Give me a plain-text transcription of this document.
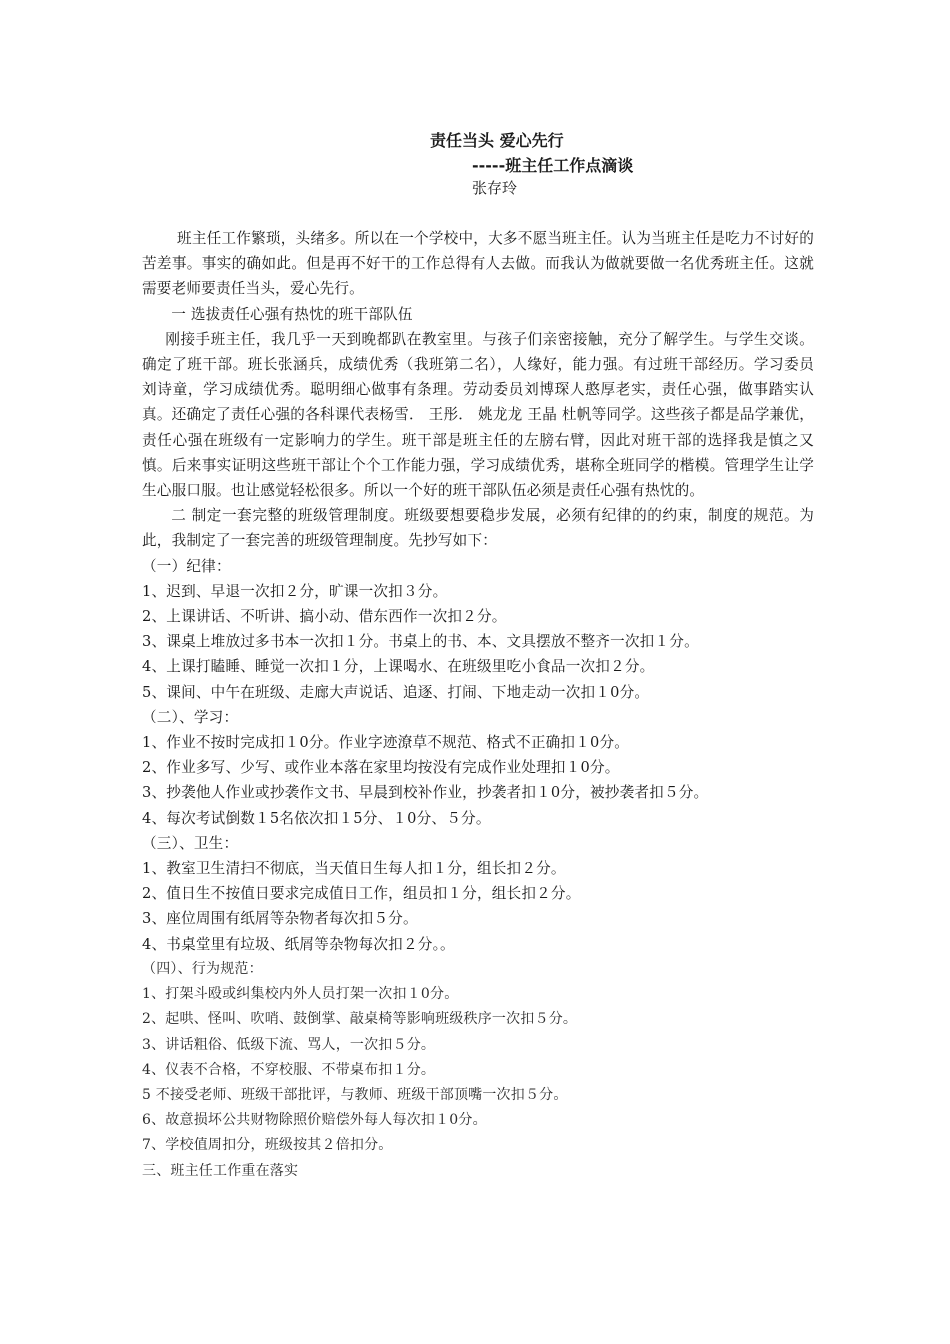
责任当头 爱心先行
-----班主任工作点滴谈
张存玲

班主任工作繁琐，头绪多。所以在一个学校中，大多不愿当班主任。认为当班主任是吃力不讨好的苦差事。事实的确如此。但是再不好干的工作总得有人去做。而我认为做就要做一名优秀班主任。这就需要老师要责任当头，爱心先行。

一 选拔责任心强有热忱的班干部队伍

刚接手班主任，我几乎一天到晚都趴在教室里。与孩子们亲密接触，充分了解学生。与学生交谈。确定了班干部。班长张涵兵，成绩优秀（我班第二名），人缘好，能力强。有过班干部经历。学习委员刘诗童，学习成绩优秀。聪明细心做事有条理。劳动委员刘博琛人憨厚老实，责任心强，做事踏实认真。还确定了责任心强的各科课代表杨雪． 王彤． 姚龙龙 王晶 杜帆等同学。这些孩子都是品学兼优，责任心强在班级有一定影响力的学生。班干部是班主任的左膀右臂，因此对班干部的选择我是慎之又慎。后来事实证明这些班干部让个个工作能力强，学习成绩优秀，堪称全班同学的楷模。管理学生让学生心服口服。也让感觉轻松很多。所以一个好的班干部队伍必须是责任心强有热忱的。

二 制定一套完整的班级管理制度。班级要想要稳步发展，必须有纪律的的约束，制度的规范。为此，我制定了一套完善的班级管理制度。先抄写如下：

（一）纪律：

1、迟到、早退一次扣２分，旷课一次扣３分。

2、上课讲话、不听讲、搞小动、借东西作一次扣２分。

3、课桌上堆放过多书本一次扣１分。书桌上的书、本、文具摆放不整齐一次扣１分。

4、上课打瞌睡、睡觉一次扣１分，上课喝水、在班级里吃小食品一次扣２分。

5、课间、中午在班级、走廊大声说话、追逐、打闹、下地走动一次扣１0分。

（二）、学习：

1、作业不按时完成扣１0分。作业字迹潦草不规范、格式不正确扣１0分。

2、作业多写、少写、或作业本落在家里均按没有完成作业处理扣１0分。

3、抄袭他人作业或抄袭作文书、早晨到校补作业，抄袭者扣１0分，被抄袭者扣５分。

4、每次考试倒数１5名依次扣１5分、１0分、５分。

（三）、卫生：

1、教室卫生清扫不彻底，当天值日生每人扣１分，组长扣２分。

2、值日生不按值日要求完成值日工作，组员扣１分，组长扣２分。

3、座位周围有纸屑等杂物者每次扣５分。

4、书桌堂里有垃圾、纸屑等杂物每次扣２分。。

（四）、行为规范：

1、打架斗殴或纠集校内外人员打架一次扣１0分。

2、起哄、怪叫、吹哨、鼓倒掌、敲桌椅等影响班级秩序一次扣５分。

3、讲话粗俗、低级下流、骂人，一次扣５分。

4、仪表不合格，不穿校服、不带桌布扣１分。

5 不接受老师、班级干部批评，与教师、班级干部顶嘴一次扣５分。

6、故意损坏公共财物除照价赔偿外每人每次扣１0分。

7、学校值周扣分，班级按其２倍扣分。

三、班主任工作重在落实
